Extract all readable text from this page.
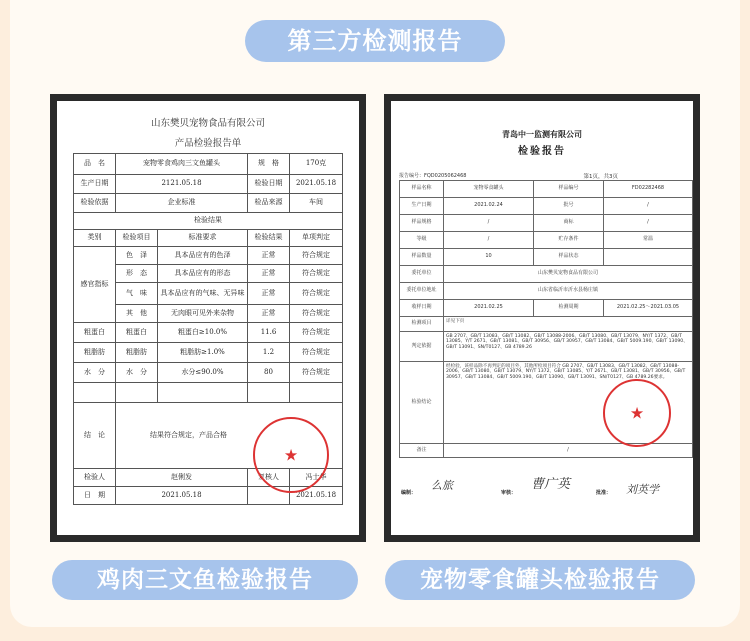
第三方检测报告
山东樊贝宠物食品有限公司
产品检验报告单
品　名	宠物零食鸡肉三文鱼罐头		规　格	170克
生产日期	2121.05.18		检验日期	2021.05.18
检验依据	企业标准		检品来源	车间
检验结果				
类别	检验项目	标准要求	检验结果	单项判定
感官指标	色　泽	具本品应有的色泽	正常	符合规定
	形　态	具本品应有的形态	正常	符合规定
	气　味	具本品应有的气味、无异味	正常	符合规定
	其　他	无肉眼可见外来杂物	正常	符合规定
粗蛋白	粗蛋白	粗蛋白≥10.0%	11.6	符合规定
粗脂肪	粗脂肪	粗脂肪≥1.0%	1.2	符合规定
水　分	水　分	水分≤90.0%	80	符合规定

结　论	结果符合规定，产品合格			
检验人	赵俐发		复核人	冯士华
日　期	2021.05.18			2021.05.18
★
青岛中一监测有限公司
检验报告
报告编号：FQD0205062468	第1页，共3页
样品名称	宠物零食罐头	样品编号	FD02282468
生产日期	2021.02.24	批号	/
样品规格	/	商标	/
等级	/	贮存条件	常温
样品数量	10	样品状态	
委托单位	山东樊贝宠物食品有限公司		
委托单位地址	山东省临沂市沂水县杨庄镇		
收样日期	2021.02.25	检测周期	2021.02.25～2021.03.05
检测项目	详见下页		
判定依据	GB 2707、GB/T 13083、GB/T 13082、GB/T 13088-2006、GB/T 13080、GB/T 13079、NY/T 1372、GB/T 13085、Y/T 2671、GB/T 13081、GB/T 30956、GB/T 30957、GB/T 13084、GB/T 5009.190、GB/T 13090、GB/T 13091、SN/T0127、GB 4789.26		
检验结论	经检验，该样品除不再判定的项目外，其他所检项目符合 GB 2707、GB/T 13083、GB/T 13082、GB/T 13088-2006、GB/T 13080、GB/T 13079、NY/T 1372、GB/T 13085、Y/T 2671、GB/T 13081、GB/T 30956、GB/T 30957、GB/T 13084、GB/T 5009.190、GB/T 13090、GB/T 13091、SN/T0127、GB 4789.26要求。		
备注	/		
★
编制：	审核：	批准：
么旅	曹广英	刘英学
鸡肉三文鱼检验报告	宠物零食罐头检验报告
